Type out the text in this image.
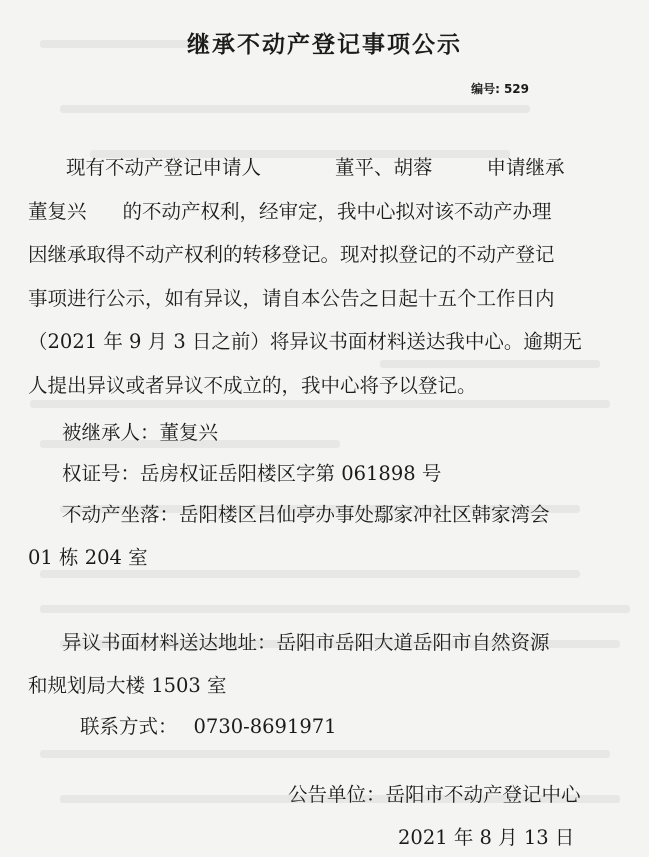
继承不动产登记事项公示
编号: 529
现有不动产登记申请人	董平、胡蓉	申请继承
董复兴 的不动产权利，经审定，我中心拟对该不动产办理
因继承取得不动产权利的转移登记。现对拟登记的不动产登记
事项进行公示，如有异议，请自本公告之日起十五个工作日内
（2021 年 9 月 3 日之前）将异议书面材料送达我中心。逾期无
人提出异议或者异议不成立的，我中心将予以登记。
被继承人：董复兴
权证号：岳房权证岳阳楼区字第 061898 号
不动产坐落：岳阳楼区吕仙亭办事处鄢家冲社区韩家湾会
01 栋 204 室
异议书面材料送达地址：岳阳市岳阳大道岳阳市自然资源
和规划局大楼 1503 室
联系方式： 0730-8691971
公告单位：岳阳市不动产登记中心
2021 年 8 月 13 日
